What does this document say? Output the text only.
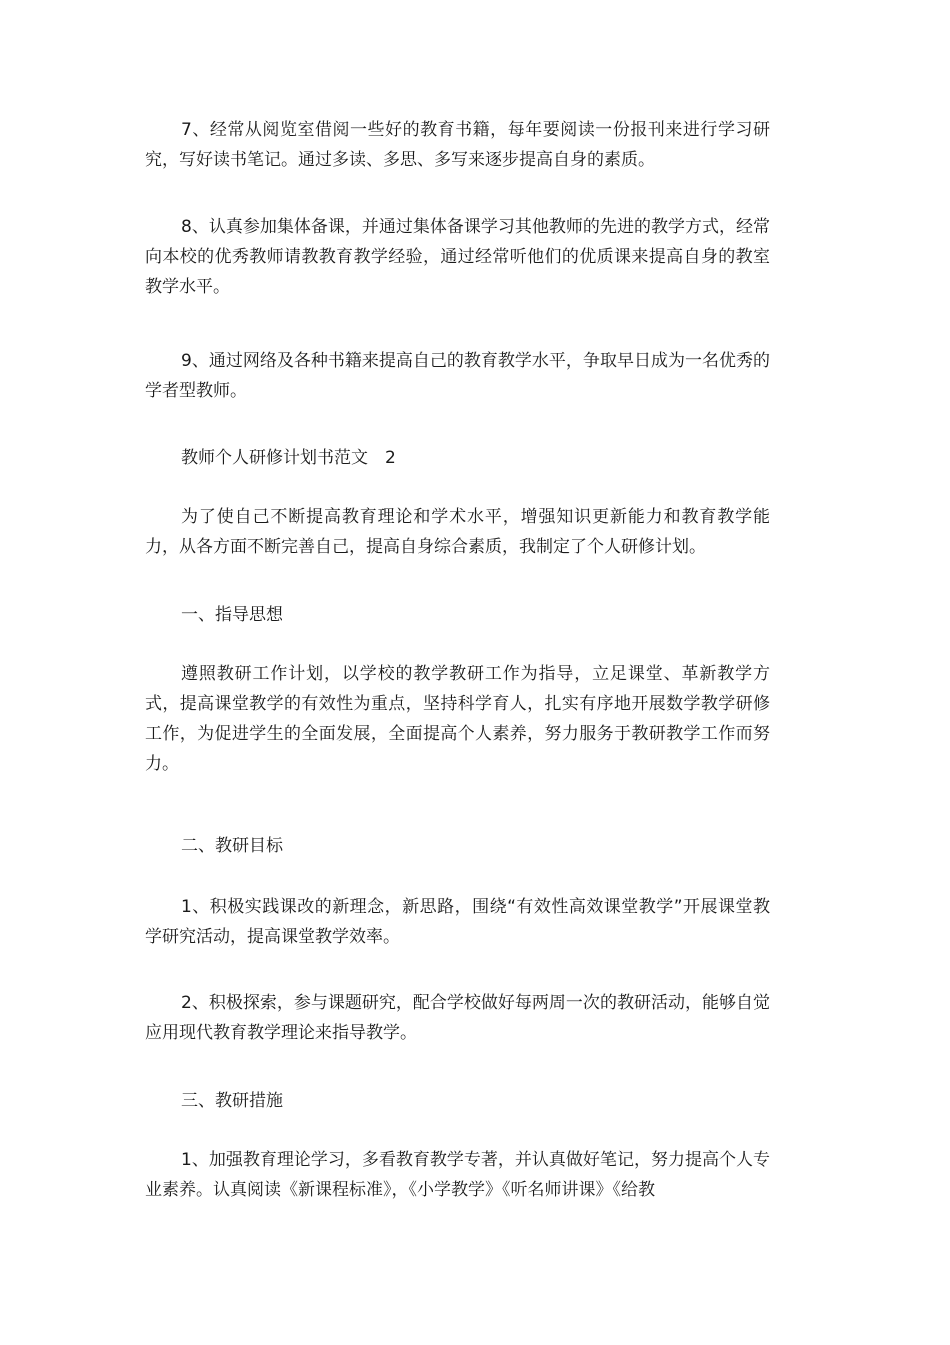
7、经常从阅览室借阅一些好的教育书籍，每年要阅读一份报刊来进行学习研究，写好读书笔记。通过多读、多思、多写来逐步提高自身的素质。

8、认真参加集体备课，并通过集体备课学习其他教师的先进的教学方式，经常向本校的优秀教师请教教育教学经验，通过经常听他们的优质课来提高自身的教室教学水平。

9、通过网络及各种书籍来提高自己的教育教学水平，争取早日成为一名优秀的学者型教师。

教师个人研修计划书范文　2

为了使自己不断提高教育理论和学术水平，增强知识更新能力和教育教学能力，从各方面不断完善自己，提高自身综合素质，我制定了个人研修计划。

一、指导思想

遵照教研工作计划，以学校的教学教研工作为指导，立足课堂、革新教学方式，提高课堂教学的有效性为重点，坚持科学育人，扎实有序地开展数学教学研修工作，为促进学生的全面发展，全面提高个人素养，努力服务于教研教学工作而努力。

二、教研目标

1、积极实践课改的新理念，新思路，围绕“有效性高效课堂教学”开展课堂教学研究活动，提高课堂教学效率。

2、积极探索，参与课题研究，配合学校做好每两周一次的教研活动，能够自觉应用现代教育教学理论来指导教学。

三、教研措施

1、加强教育理论学习，多看教育教学专著，并认真做好笔记，努力提高个人专业素养。认真阅读《新课程标准》，《小学教学》《听名师讲课》《给教
